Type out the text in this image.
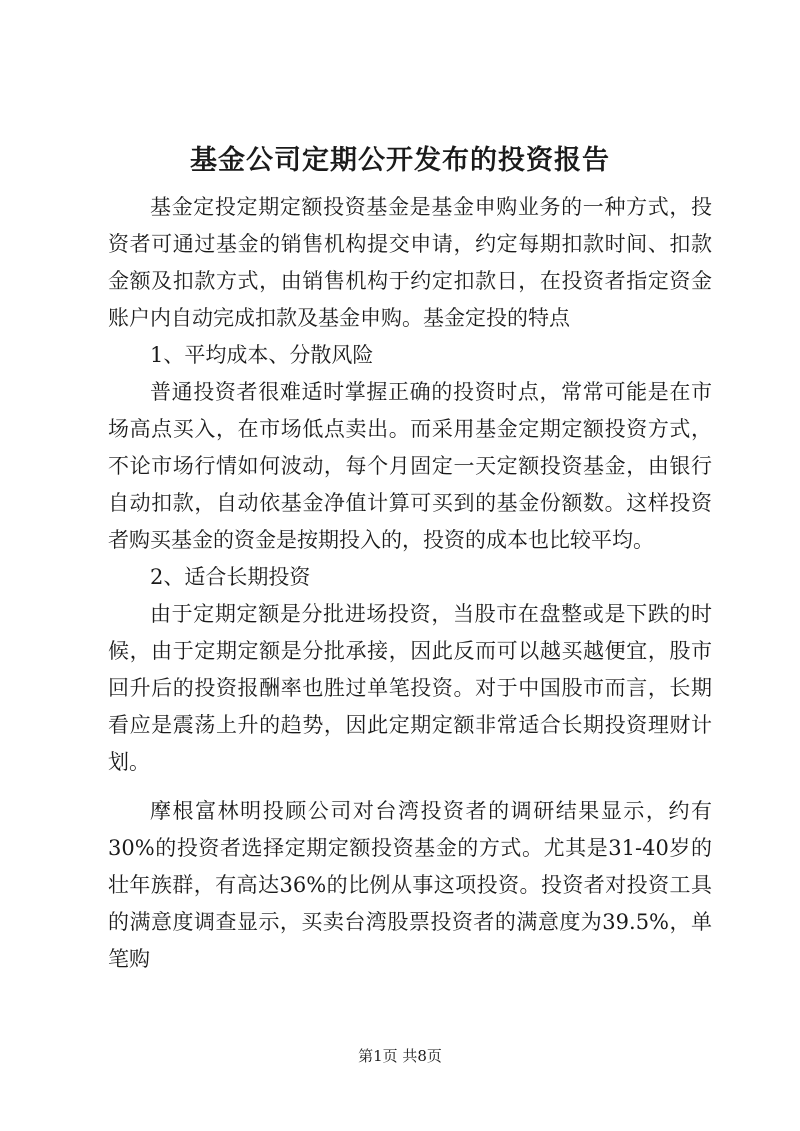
基金公司定期公开发布的投资报告

基金定投定期定额投资基金是基金申购业务的一种方式，投资者可通过基金的销售机构提交申请，约定每期扣款时间、扣款金额及扣款方式，由销售机构于约定扣款日，在投资者指定资金账户内自动完成扣款及基金申购。基金定投的特点

1、平均成本、分散风险

普通投资者很难适时掌握正确的投资时点，常常可能是在市场高点买入，在市场低点卖出。而采用基金定期定额投资方式，不论市场行情如何波动，每个月固定一天定额投资基金，由银行自动扣款，自动依基金净值计算可买到的基金份额数。这样投资者购买基金的资金是按期投入的，投资的成本也比较平均。

2、适合长期投资

由于定期定额是分批进场投资，当股市在盘整或是下跌的时候，由于定期定额是分批承接，因此反而可以越买越便宜，股市回升后的投资报酬率也胜过单笔投资。对于中国股市而言，长期看应是震荡上升的趋势，因此定期定额非常适合长期投资理财计划。

摩根富林明投顾公司对台湾投资者的调研结果显示，约有30%的投资者选择定期定额投资基金的方式。尤其是31-40岁的壮年族群，有高达36%的比例从事这项投资。投资者对投资工具的满意度调查显示，买卖台湾股票投资者的满意度为39.5%，单笔购

第1页 共8页
